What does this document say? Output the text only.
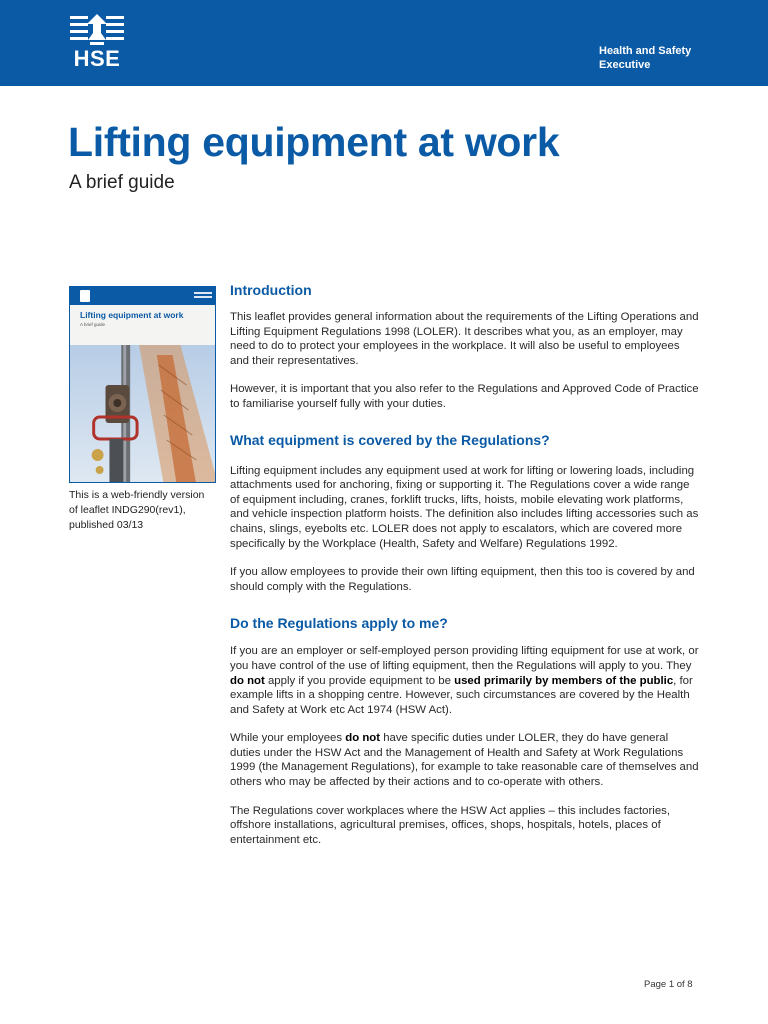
HSE	Health and Safety
Executive
Lifting equipment at work
A brief guide
Lifting equipment at work
A brief guide
This is a web-friendly version of leaflet INDG290(rev1), published 03/13
Introduction

This leaflet provides general information about the requirements of the Lifting Operations and Lifting Equipment Regulations 1998 (LOLER). It describes what you, as an employer, may need to do to protect your employees in the workplace. It will also be useful to employees and their representatives.

However, it is important that you also refer to the Regulations and Approved Code of Practice to familiarise yourself fully with your duties.

What equipment is covered by the Regulations?

Lifting equipment includes any equipment used at work for lifting or lowering loads, including attachments used for anchoring, fixing or supporting it. The Regulations cover a wide range of equipment including, cranes, forklift trucks, lifts, hoists, mobile elevating work platforms, and vehicle inspection platform hoists. The definition also includes lifting accessories such as chains, slings, eyebolts etc. LOLER does not apply to escalators, which are covered more specifically by the Workplace (Health, Safety and Welfare) Regulations 1992.

If you allow employees to provide their own lifting equipment, then this too is covered by and should comply with the Regulations.

Do the Regulations apply to me?

If you are an employer or self-employed person providing lifting equipment for use at work, or you have control of the use of lifting equipment, then the Regulations will apply to you. They do not apply if you provide equipment to be used primarily by members of the public, for example lifts in a shopping centre. However, such circumstances are covered by the Health and Safety at Work etc Act 1974 (HSW Act).

While your employees do not have specific duties under LOLER, they do have general duties under the HSW Act and the Management of Health and Safety at Work Regulations 1999 (the Management Regulations), for example to take reasonable care of themselves and others who may be affected by their actions and to co-operate with others.

The Regulations cover workplaces where the HSW Act applies – this includes factories, offshore installations, agricultural premises, offices, shops, hospitals, hotels, places of entertainment etc.

Page 1 of 8
